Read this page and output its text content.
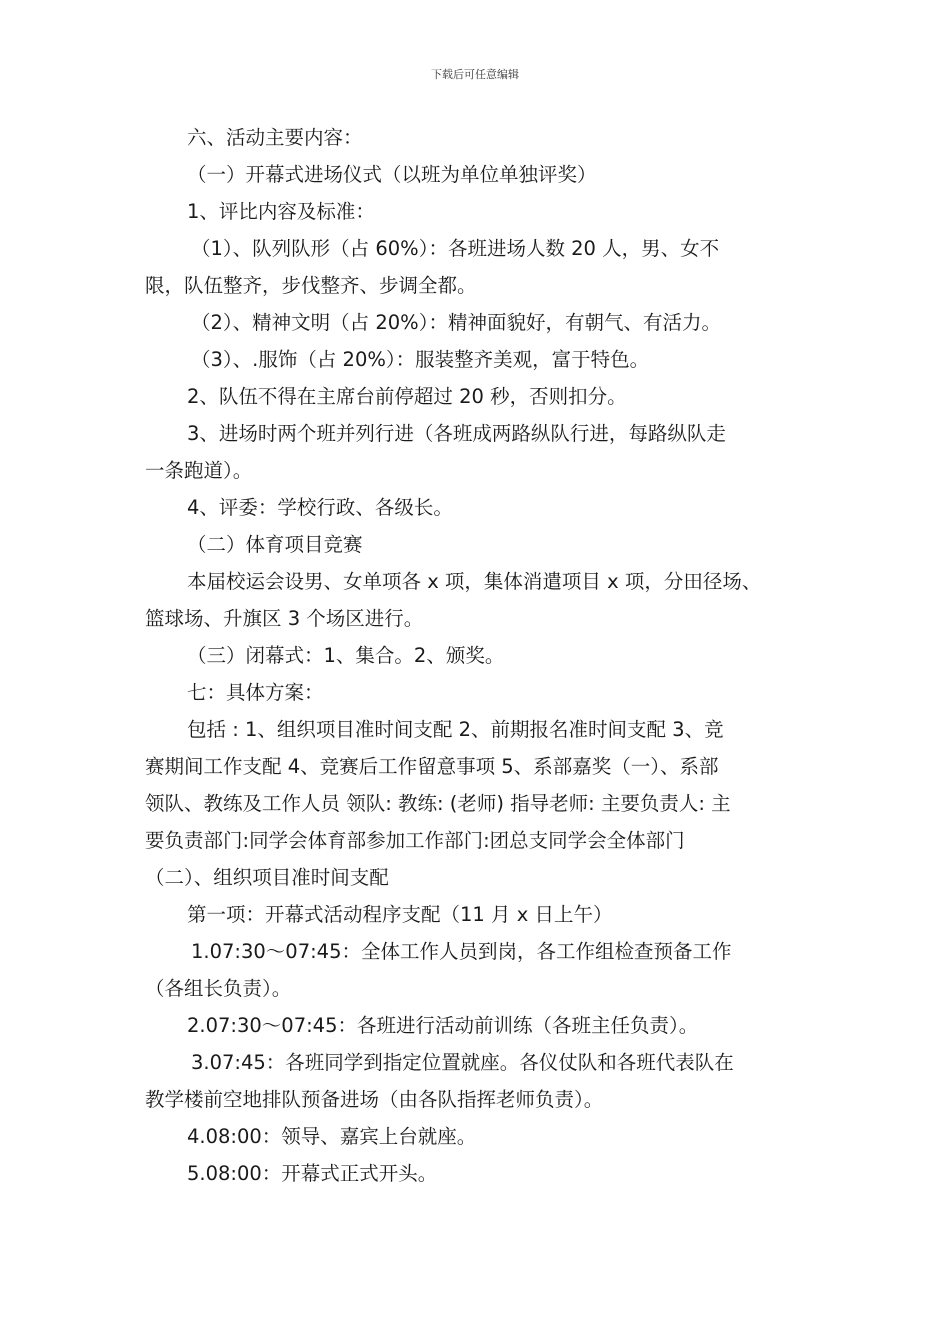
下载后可任意编辑

六、活动主要内容：

（一）开幕式进场仪式（以班为单位单独评奖）

1、评比内容及标准：

（1）、队列队形（占 60%）：各班进场人数 20 人，男、女不

限，队伍整齐，步伐整齐、步调全都。

（2）、精神文明（占 20%）：精神面貌好，有朝气、有活力。

（3）、.服饰（占 20%）：服装整齐美观，富于特色。

2、队伍不得在主席台前停超过 20 秒，否则扣分。

3、进场时两个班并列行进（各班成两路纵队行进，每路纵队走

一条跑道）。

4、评委：学校行政、各级长。

（二）体育项目竞赛

本届校运会设男、女单项各 x 项，集体消遣项目 x 项，分田径场、

篮球场、升旗区 3 个场区进行。

（三）闭幕式：1、集合。2、颁奖。

七：具体方案：

包括 : 1、组织项目准时间支配 2、前期报名准时间支配 3、竞

赛期间工作支配 4、竞赛后工作留意事项 5、系部嘉奖（一）、系部

领队、教练及工作人员 领队: 教练: (老师) 指导老师: 主要负责人: 主

要负责部门:同学会体育部参加工作部门:团总支同学会全体部门

（二）、组织项目准时间支配

第一项：开幕式活动程序支配（11 月 x 日上午）

1.07:30～07:45：全体工作人员到岗，各工作组检查预备工作

（各组长负责）。

2.07:30～07:45：各班进行活动前训练（各班主任负责）。

3.07:45：各班同学到指定位置就座。各仪仗队和各班代表队在

教学楼前空地排队预备进场（由各队指挥老师负责）。

4.08:00：领导、嘉宾上台就座。

5.08:00：开幕式正式开头。
